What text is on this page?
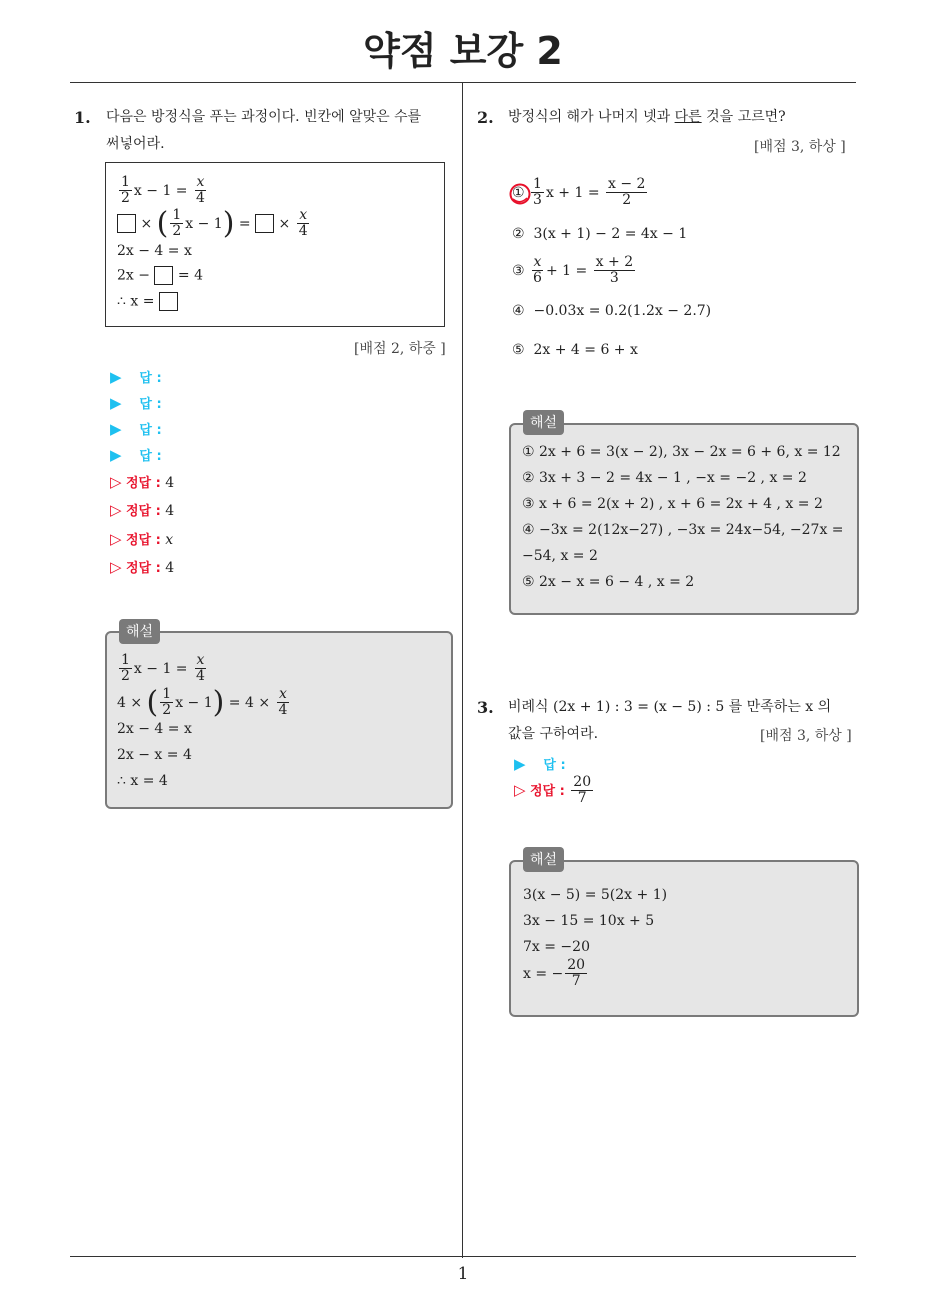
약점 보강 2
1
1. 다음은 방정식을 푸는 과정이다. 빈칸에 알맞은 수를
써넣어라.
$\frac{1}{2}$ $x - 1 = \frac{x}{4}$
× ( $\frac{1}{2}$ x − 1) =  × $\frac{x}{4}$
2x − 4 = x
2x − = 4
∴ x =
[배점 2, 하중 ]
▶ 답 :
▶ 답 :
▶ 답 :
▶ 답 :
▷ 정답 : 4
▷ 정답 : 4
▷ 정답 : x
▷ 정답 : 4
해설
$\frac{1}{2}$ $x - 1 = \frac{x}{4}$
4 × ( $\frac{1}{2}$ $x - 1) = 4 \times \frac{x}{4}$
2x − 4 = x
2x − x = 4
∴ x = 4
2. 방정식의 해가 나머지 넷과 다른 것을 고르면?
[배점 3, 하상 ]
① $\frac{1}{3}$ $x + 1 = \frac{x - 2}{2}$
② 3(x + 1) − 2 = 4x − 1
③ $\frac{x}{6} + 1 = \frac{x + 2}{3}$
④ −0.03x = 0.2(1.2x − 2.7)
⑤ 2x + 4 = 6 + x
해설
① 2x + 6 = 3(x − 2), 3x − 2x = 6 + 6, x = 12
② 3x + 3 − 2 = 4x − 1 , −x = −2 , x = 2
③ x + 6 = 2(x + 2) , x + 6 = 2x + 4 , x = 2
④ −3x = 2(12x−27) , −3x = 24x−54, −27x =
−54, x = 2
⑤ 2x − x = 6 − 4 , x = 2
3. 비례식 (2x + 1) : 3 = (x − 5) : 5 를 만족하는 x 의
값을 구하여라.	[배점 3, 하상 ]
▶ 답 :
▷ 정답 : $\frac{20}{7}$
해설
3(x − 5) = 5(2x + 1)
3x − 15 = 10x + 5
7x = −20
x = − $\frac{20}{7}$
